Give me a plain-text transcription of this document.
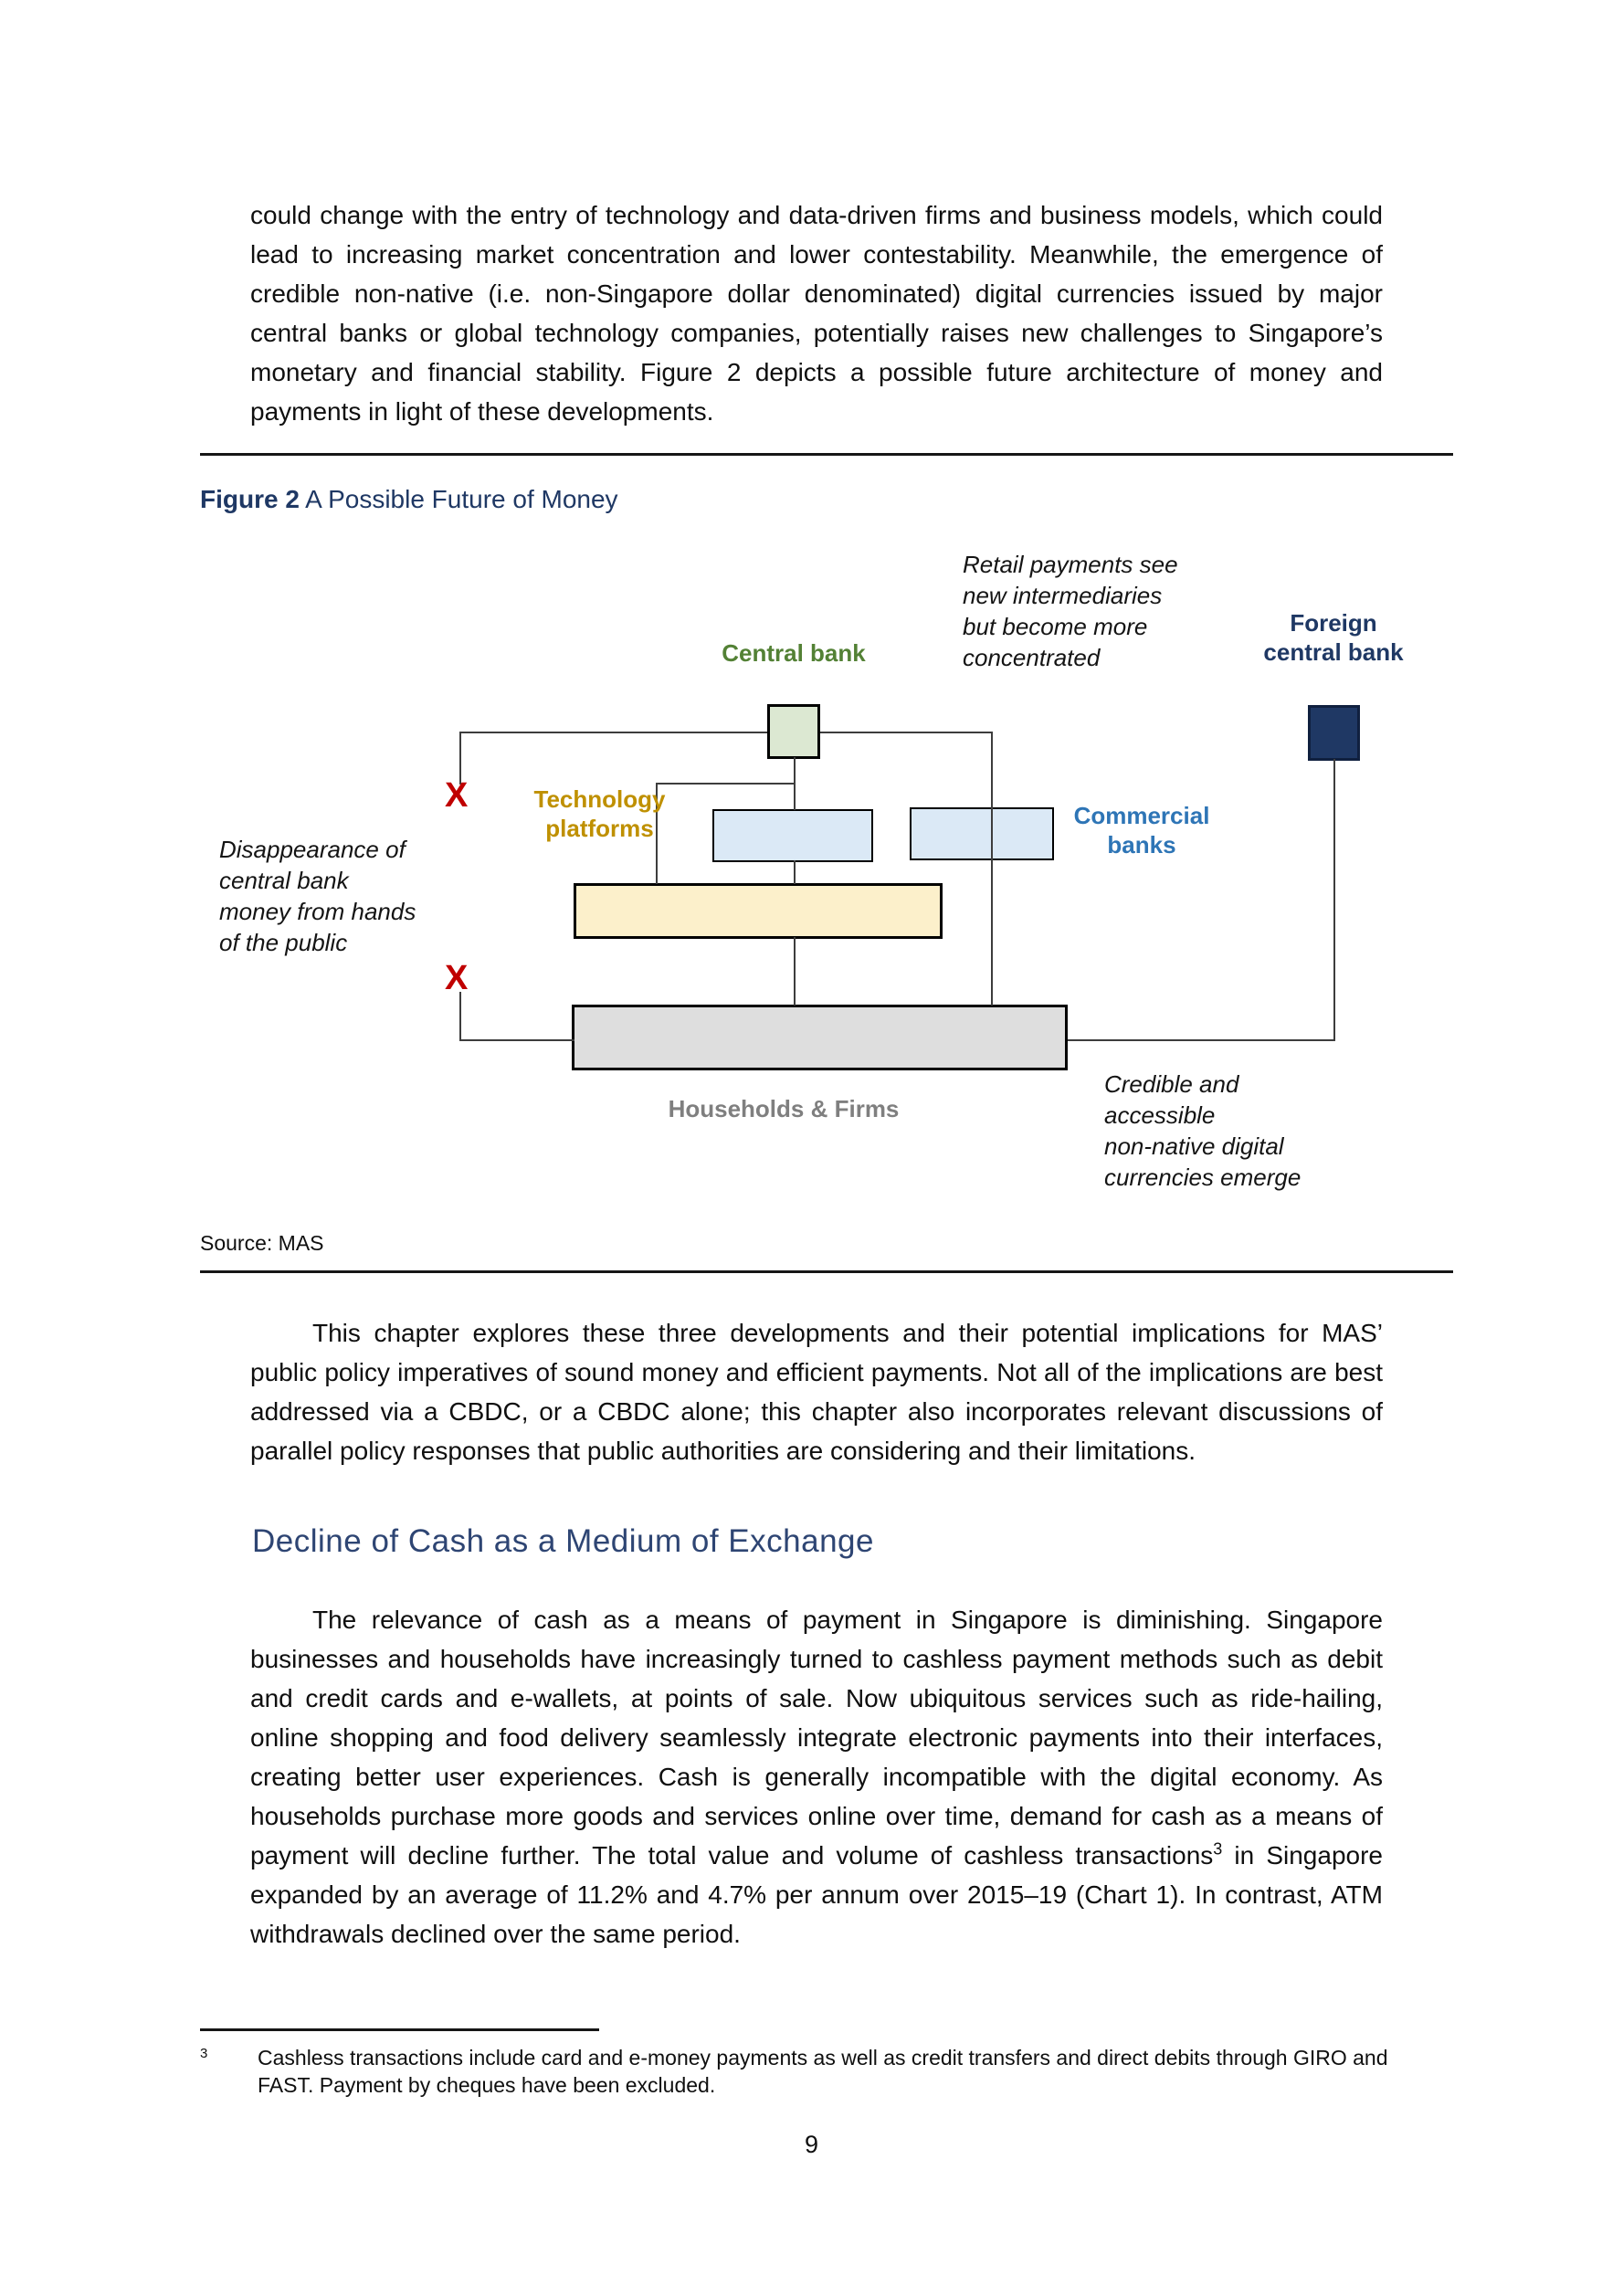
could change with the entry of technology and data-driven firms and business models, which could lead to increasing market concentration and lower contestability. Meanwhile, the emergence of credible non-native (i.e. non-Singapore dollar denominated) digital currencies issued by major central banks or global technology companies, potentially raises new challenges to Singapore’s monetary and financial stability. Figure 2 depicts a possible future architecture of money and payments in light of these developments.
Figure 2 A Possible Future of Money
X
X
Central bank
Foreign
central bank
Technology
platforms	Commercial
banks
Households & Firms
Retail payments see
new intermediaries
but become more
concentrated
Disappearance of
central bank
money from hands
of the public
Credible and
accessible
non-native digital
currencies emerge
Source: MAS
This chapter explores these three developments and their potential implications for MAS’ public policy imperatives of sound money and efficient payments. Not all of the implications are best addressed via a CBDC, or a CBDC alone; this chapter also incorporates relevant discussions of parallel policy responses that public authorities are considering and their limitations.
Decline of Cash as a Medium of Exchange
The relevance of cash as a means of payment in Singapore is diminishing. Singapore businesses and households have increasingly turned to cashless payment methods such as debit and credit cards and e-wallets, at points of sale. Now ubiquitous services such as ride-hailing, online shopping and food delivery seamlessly integrate electronic payments into their interfaces, creating better user experiences. Cash is generally incompatible with the digital economy. As households purchase more goods and services online over time, demand for cash as a means of payment will decline further. The total value and volume of cashless transactions$^3$ in Singapore expanded by an average of 11.2% and 4.7% per annum over 2015–19 (Chart 1). In contrast, ATM withdrawals declined over the same period.
3 Cashless transactions include card and e-money payments as well as credit transfers and direct debits through GIRO and FAST. Payment by cheques have been excluded.
9
